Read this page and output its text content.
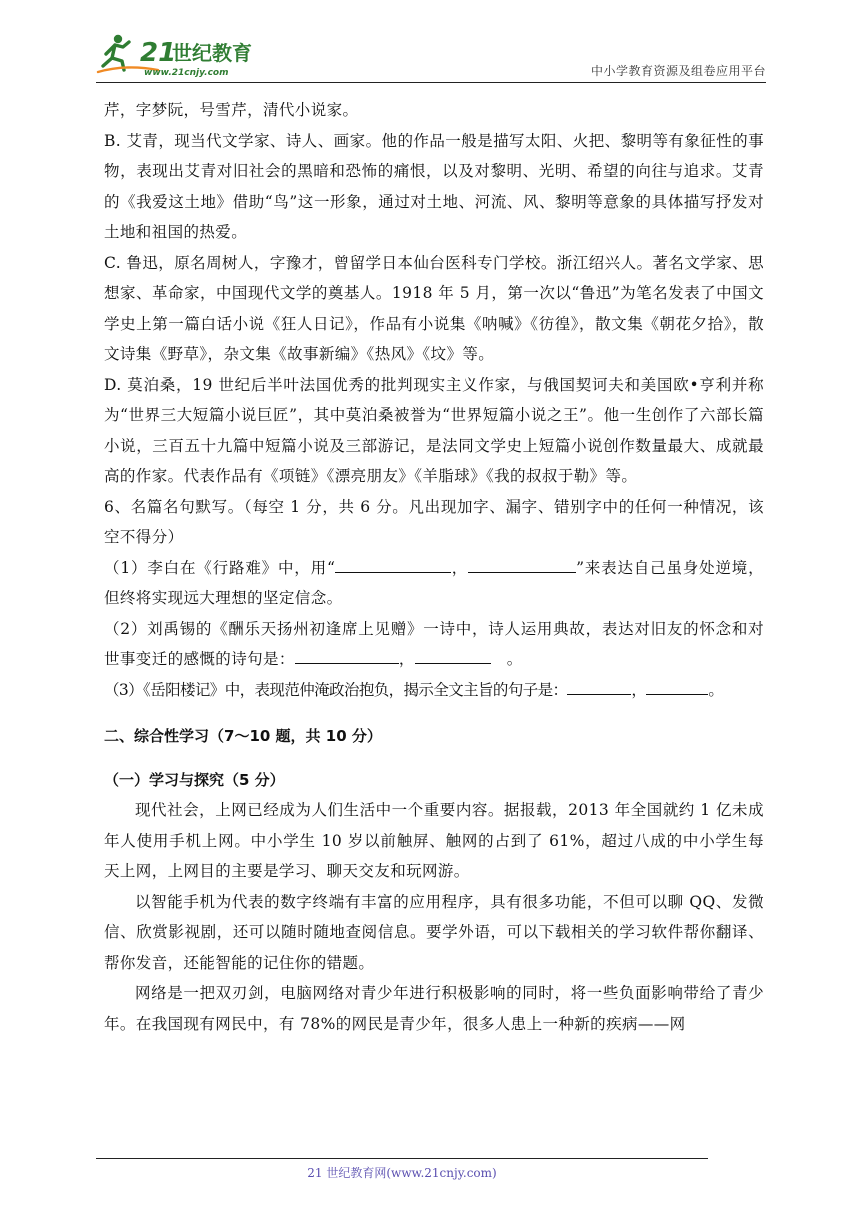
21
世纪教育
www.21cnjy.com	中小学教育资源及组卷应用平台

芹，字梦阮，号雪芹，清代小说家。

B. 艾青，现当代文学家、诗人、画家。他的作品一般是描写太阳、火把、黎明等有象征性的事物，表现出艾青对旧社会的黑暗和恐怖的痛恨，以及对黎明、光明、希望的向往与追求。艾青的《我爱这土地》借助“鸟”这一形象，通过对土地、河流、风、黎明等意象的具体描写抒发对土地和祖国的热爱。

C. 鲁迅，原名周树人，字豫才，曾留学日本仙台医科专门学校。浙江绍兴人。著名文学家、思想家、革命家，中国现代文学的奠基人。1918 年 5 月，第一次以“鲁迅”为笔名发表了中国文学史上第一篇白话小说《狂人日记》，作品有小说集《呐喊》《彷徨》，散文集《朝花夕拾》，散文诗集《野草》，杂文集《故事新编》《热风》《坟》等。

D. 莫泊桑，19 世纪后半叶法国优秀的批判现实主义作家，与俄国契诃夫和美国欧•亨利并称为“世界三大短篇小说巨匠”，其中莫泊桑被誉为“世界短篇小说之王”。他一生创作了六部长篇小说，三百五十九篇中短篇小说及三部游记，是法同文学史上短篇小说创作数量最大、成就最高的作家。代表作品有《项链》《漂亮朋友》《羊脂球》《我的叔叔于勒》等。

6、名篇名句默写。（每空 1 分，共 6 分。凡出现加字、漏字、错别字中的任何一种情况，该空不得分）

（1）李白在《行路难》中，用“	，	”来表达自己虽身处逆境，但终将实现远大理想的坚定信念。

（2）刘禹锡的《酬乐天扬州初逢席上见赠》一诗中，诗人运用典故，表达对旧友的怀念和对世事变迁的感慨的诗句是：	，	。

（3）《岳阳楼记》中，表现范仲淹政治抱负，揭示全文主旨的句子是：	，	。

二、综合性学习（7～10 题，共 10 分）

（一）学习与探究（5 分）

现代社会，上网已经成为人们生活中一个重要内容。据报载，2013 年全国就约 1 亿未成年人使用手机上网。中小学生 10 岁以前触屏、触网的占到了 61%，超过八成的中小学生每天上网，上网目的主要是学习、聊天交友和玩网游。

以智能手机为代表的数字终端有丰富的应用程序，具有很多功能，不但可以聊 QQ、发微信、欣赏影视剧，还可以随时随地查阅信息。要学外语，可以下载相关的学习软件帮你翻译、帮你发音，还能智能的记住你的错题。

网络是一把双刃剑，电脑网络对青少年进行积极影响的同时，将一些负面影响带给了青少年。在我国现有网民中，有 78%的网民是青少年，很多人患上一种新的疾病——网

21 世纪教育网(www.21cnjy.com)
